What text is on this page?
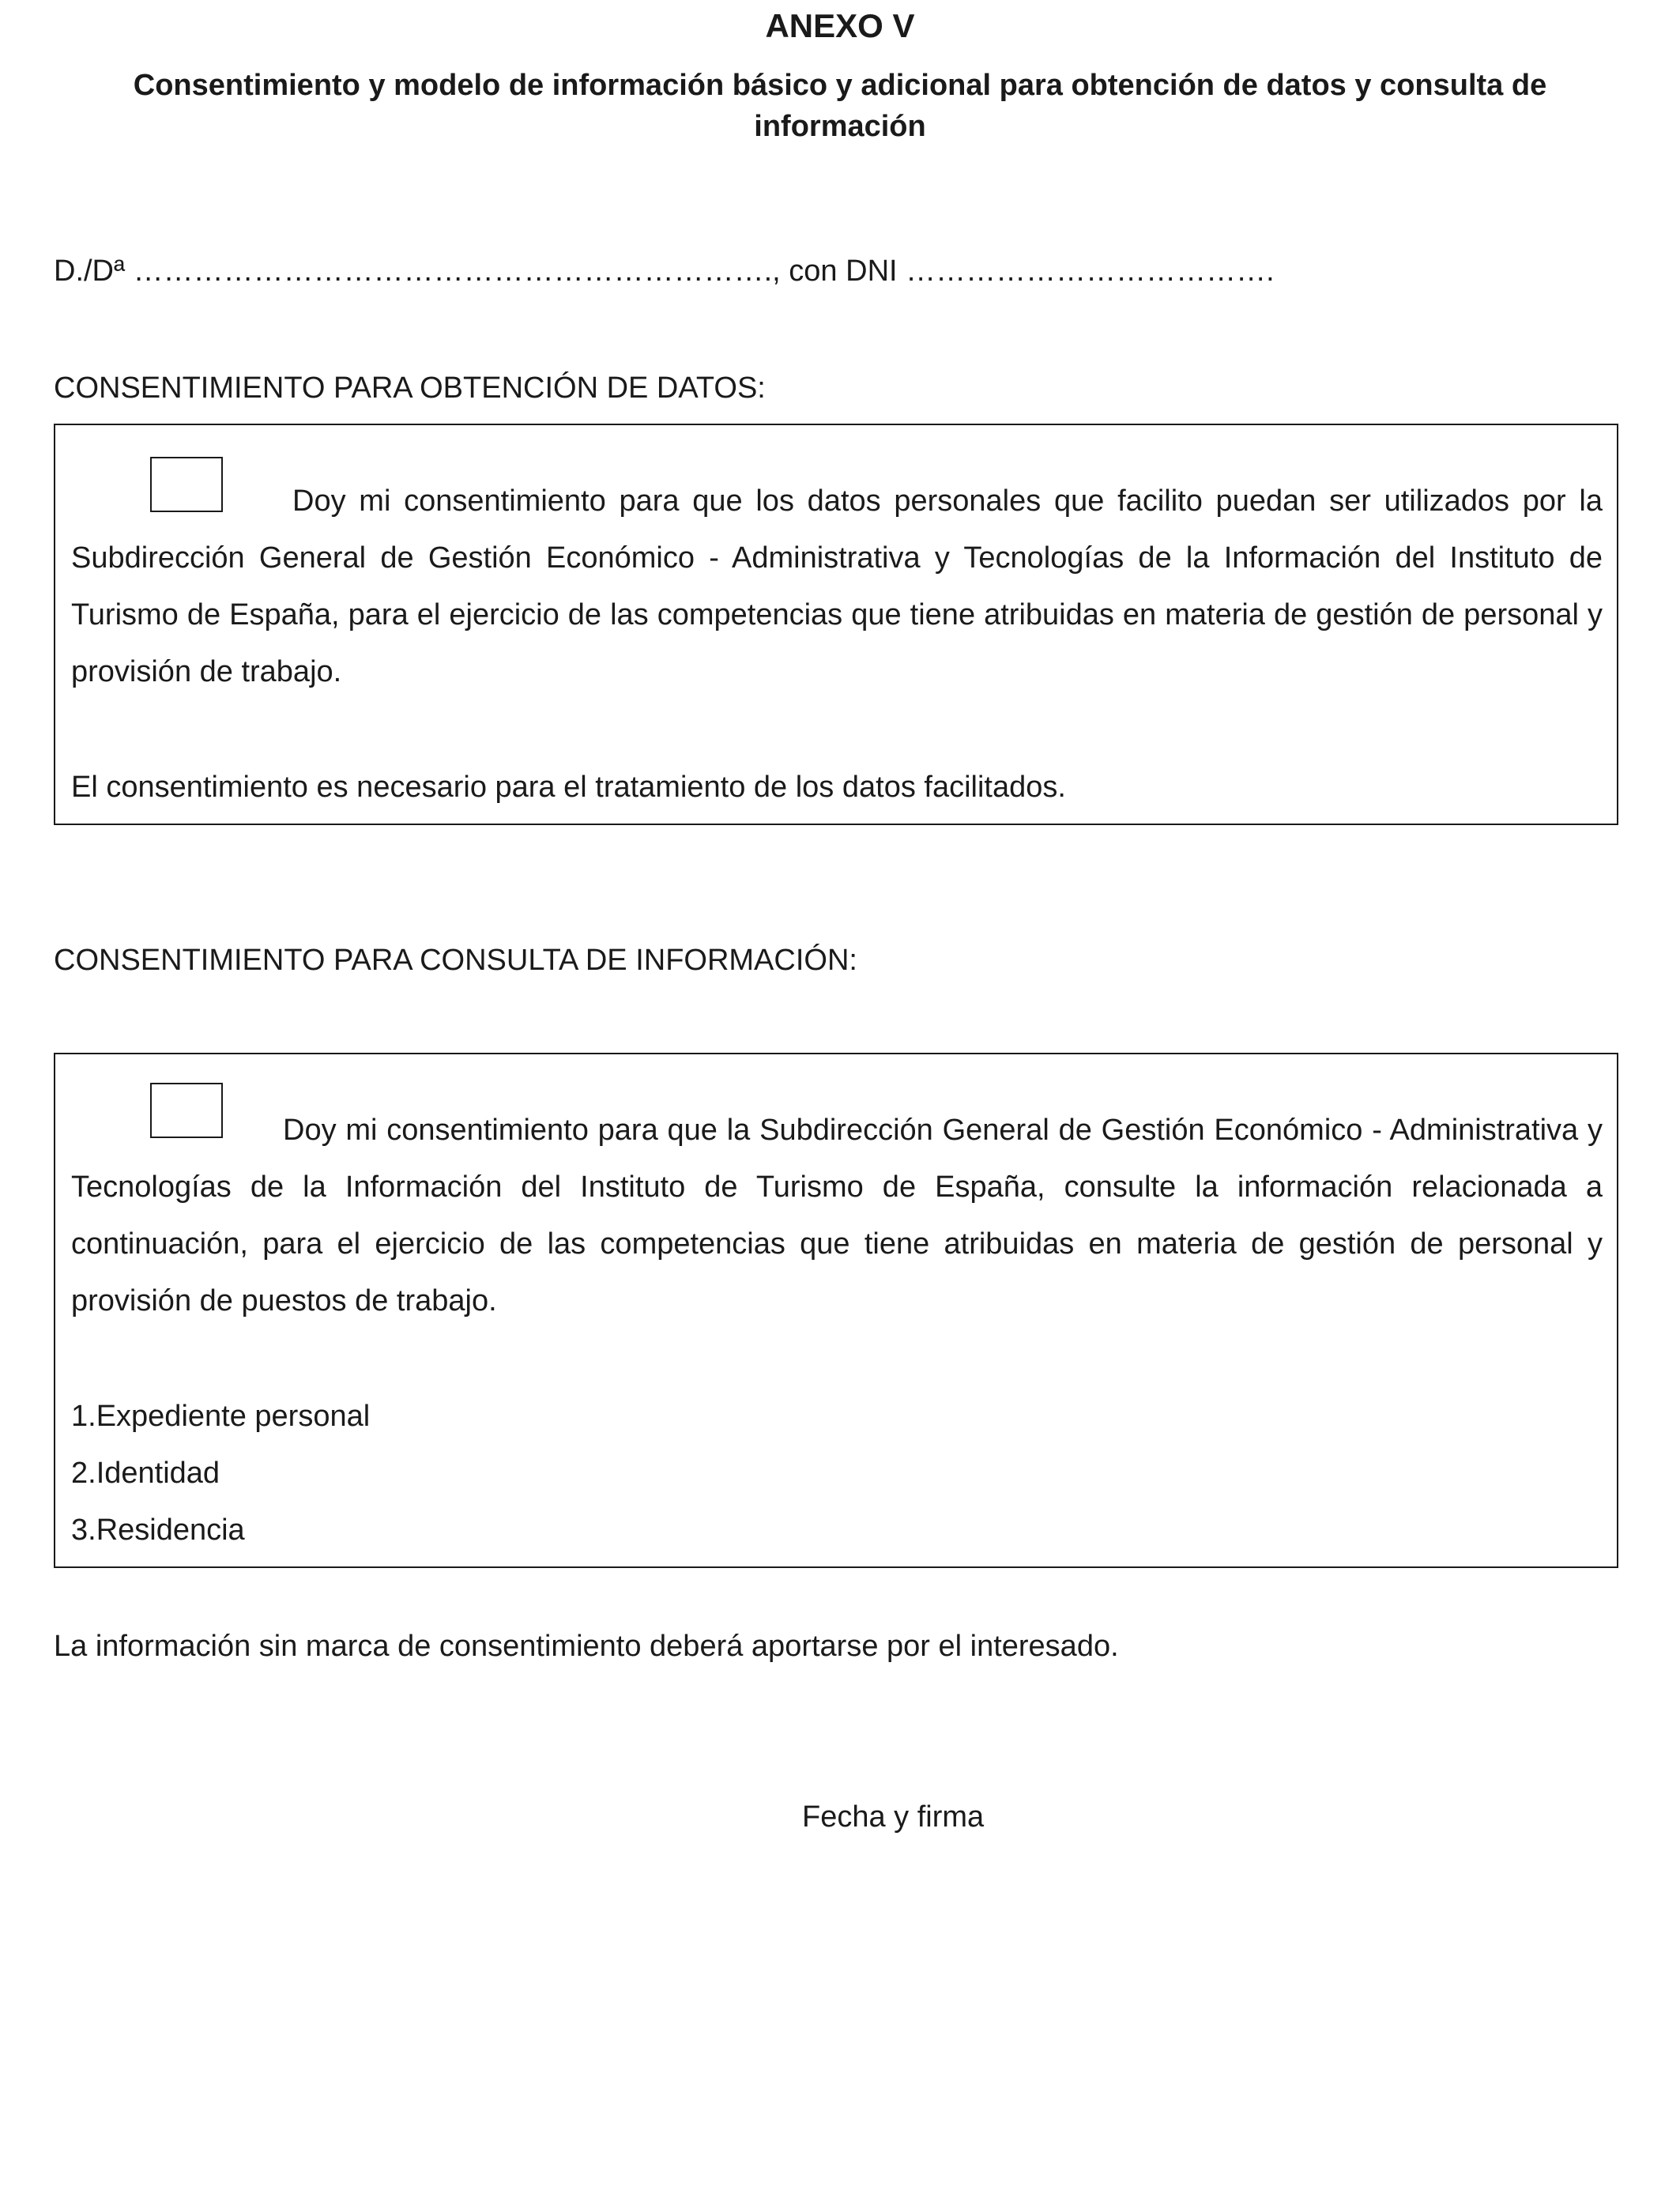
ANEXO V
Consentimiento y modelo de información básico y adicional para obtención de datos y consulta de información
D./Dª ………………………………………………………., con DNI ……………………………….
CONSENTIMIENTO PARA OBTENCIÓN DE DATOS:
Doy mi consentimiento para que los datos personales que facilito puedan ser utilizados por la Subdirección General de Gestión Económico - Administrativa y Tecnologías de la Información del Instituto de Turismo de España, para el ejercicio de las competencias que tiene atribuidas en materia de gestión de personal y provisión de trabajo.
El consentimiento es necesario para el tratamiento de los datos facilitados.
CONSENTIMIENTO PARA CONSULTA DE INFORMACIÓN:
Doy mi consentimiento para que la Subdirección General de Gestión Económico - Administrativa y Tecnologías de la Información del Instituto de Turismo de España, consulte la información relacionada a continuación, para el ejercicio de las competencias que tiene atribuidas en materia de gestión de personal y provisión de puestos de trabajo.
1.Expediente personal
2.Identidad
3.Residencia
La información sin marca de consentimiento deberá aportarse por el interesado.
Fecha y firma
